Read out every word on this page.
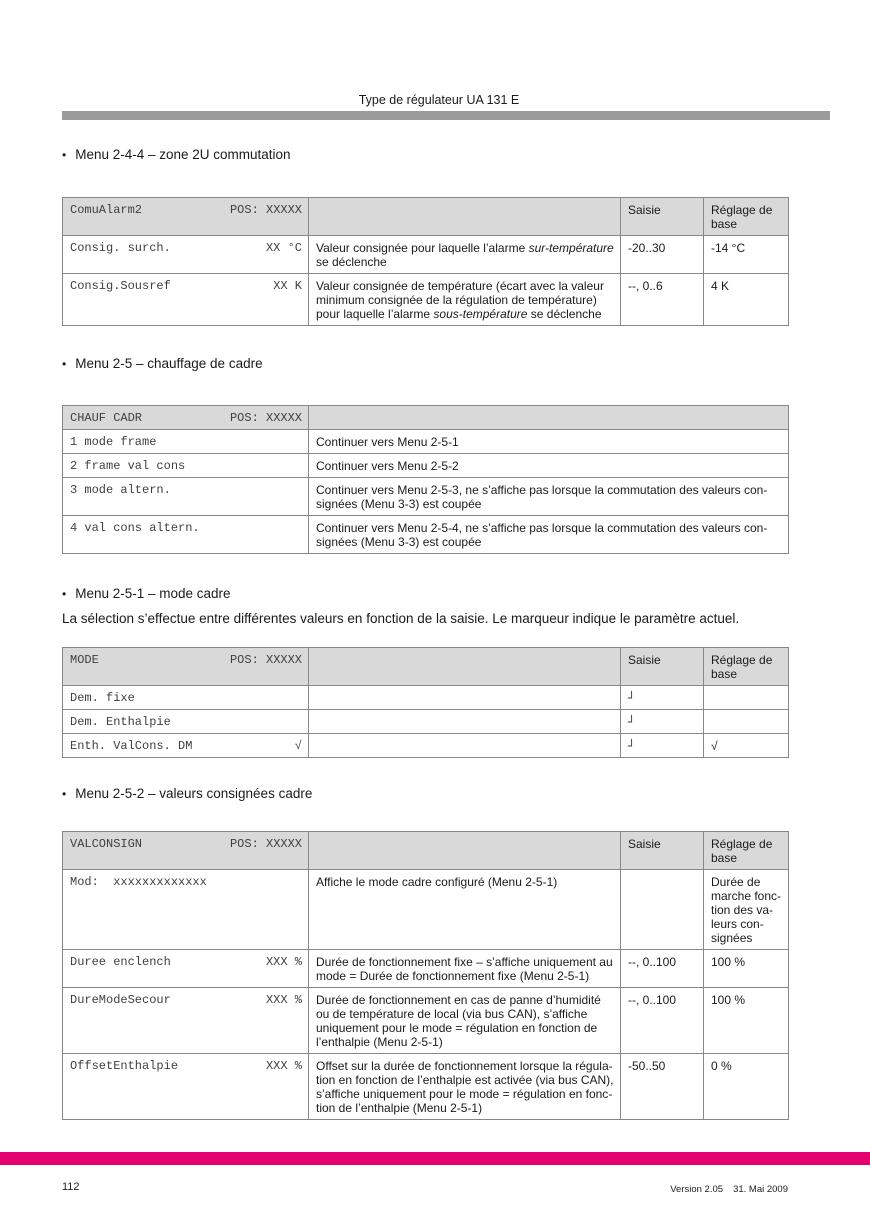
Type de régulateur UA 131 E
• Menu 2-4-4 – zone 2U commutation
ComuAlarm2 POS: XXXXX		Saisie	Réglage de base

Consig. surch. XX °C	Valeur consignée pour laquelle l’alarme sur-température se déclenche	-20..30	-14 °C

Consig.Sousref XX K	Valeur consignée de température (écart avec la valeur minimum consignée de la régulation de température) pour laquelle l’alarme sous-température se déclenche	--, 0..6	4 K
• Menu 2-5 – chauffage de cadre
CHAUF CADR POS: XXXXX	

1 mode frame	Continuer vers Menu 2-5-1

2 frame val cons	Continuer vers Menu 2-5-2

3 mode altern.	Continuer vers Menu 2-5-3, ne s’affiche pas lorsque la commutation des valeurs consignées (Menu 3-3) est coupée

4 val cons altern.	Continuer vers Menu 2-5-4, ne s’affiche pas lorsque la commutation des valeurs consignées (Menu 3-3) est coupée
• Menu 2-5-1 – mode cadre
La sélection s’effectue entre différentes valeurs en fonction de la saisie. Le marqueur indique le paramètre actuel.
MODE POS: XXXXX		Saisie	Réglage de base

Dem. fixe		┘	

Dem. Enthalpie		┘	

Enth. ValCons. DM √		┘	√
• Menu 2-5-2 – valeurs consignées cadre
VALCONSIGN POS: XXXXX		Saisie	Réglage de base

Mod:  xxxxxxxxxxxxx	Affiche le mode cadre configuré (Menu 2-5-1)		Durée de marche fonction des valeurs consignées

Duree enclench XXX %	Durée de fonctionnement fixe – s’affiche uniquement au mode = Durée de fonctionnement fixe (Menu 2-5-1)	--, 0..100	100 %

DureModeSecour XXX %	Durée de fonctionnement en cas de panne d’humidité ou de température de local (via bus CAN), s’affiche uniquement pour le mode = régulation en fonction de l’enthalpie (Menu 2-5-1)	--, 0..100	100 %

OffsetEnthalpie XXX %	Offset sur la durée de fonctionnement lorsque la régulation en fonction de l’enthalpie est activée (via bus CAN), s’affiche uniquement pour le mode = régulation en fonction de l’enthalpie (Menu 2-5-1)	-50..50	0 %
112	Version 2.05 31. Mai 2009
